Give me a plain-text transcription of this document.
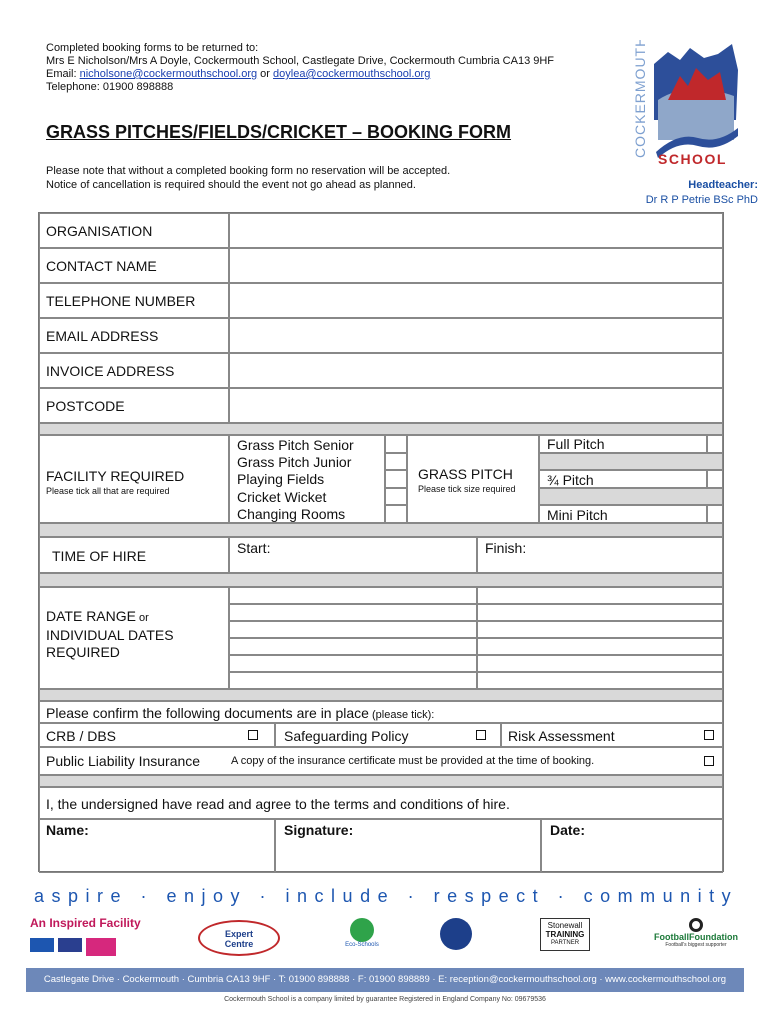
Completed booking forms to be returned to:
Mrs E Nicholson/Mrs A Doyle, Cockermouth School, Castlegate Drive, Cockermouth Cumbria CA13 9HF
Email: nicholsone@cockermouthschool.org or doylea@cockermouthschool.org
Telephone: 01900 898888
GRASS PITCHES/FIELDS/CRICKET – BOOKING FORM
Please note that without a completed booking form no reservation will be accepted.
Notice of cancellation is required should the event not go ahead as planned.
COCKERMOUTH
SCHOOL
Headteacher:
Dr R P Petrie BSc PhD
ORGANISATION
CONTACT NAME
TELEPHONE NUMBER
EMAIL ADDRESS
INVOICE ADDRESS
POSTCODE
FACILITY REQUIRED
Please tick all that are required
Grass Pitch Senior
Grass Pitch Junior
Playing Fields
Cricket Wicket
Changing Rooms
GRASS PITCH
Please tick size required
Full Pitch
¾ Pitch
Mini Pitch
TIME OF HIRE	Start:	Finish:
DATE RANGE or
INDIVIDUAL DATES
REQUIRED
Please confirm the following documents are in place (please tick):
CRB / DBS	Safeguarding Policy	Risk Assessment
Public Liability Insurance	A copy of the insurance certificate must be provided at the time of booking.
I, the undersigned have read and agree to the terms and conditions of hire.
Name:	Signature:	Date:
aspire · enjoy · include · respect · community
An Inspired Facility
Expert
Centre	Eco-Schools
Stonewall
TRAINING
PARTNER
FootballFoundation
Football's biggest supporter
Castlegate Drive · Cockermouth · Cumbria CA13 9HF · T: 01900 898888 · F: 01900 898889 · E: reception@cockermouthschool.org · www.cockermouthschool.org
Cockermouth School is a company limited by guarantee Registered in England Company No: 09679536
